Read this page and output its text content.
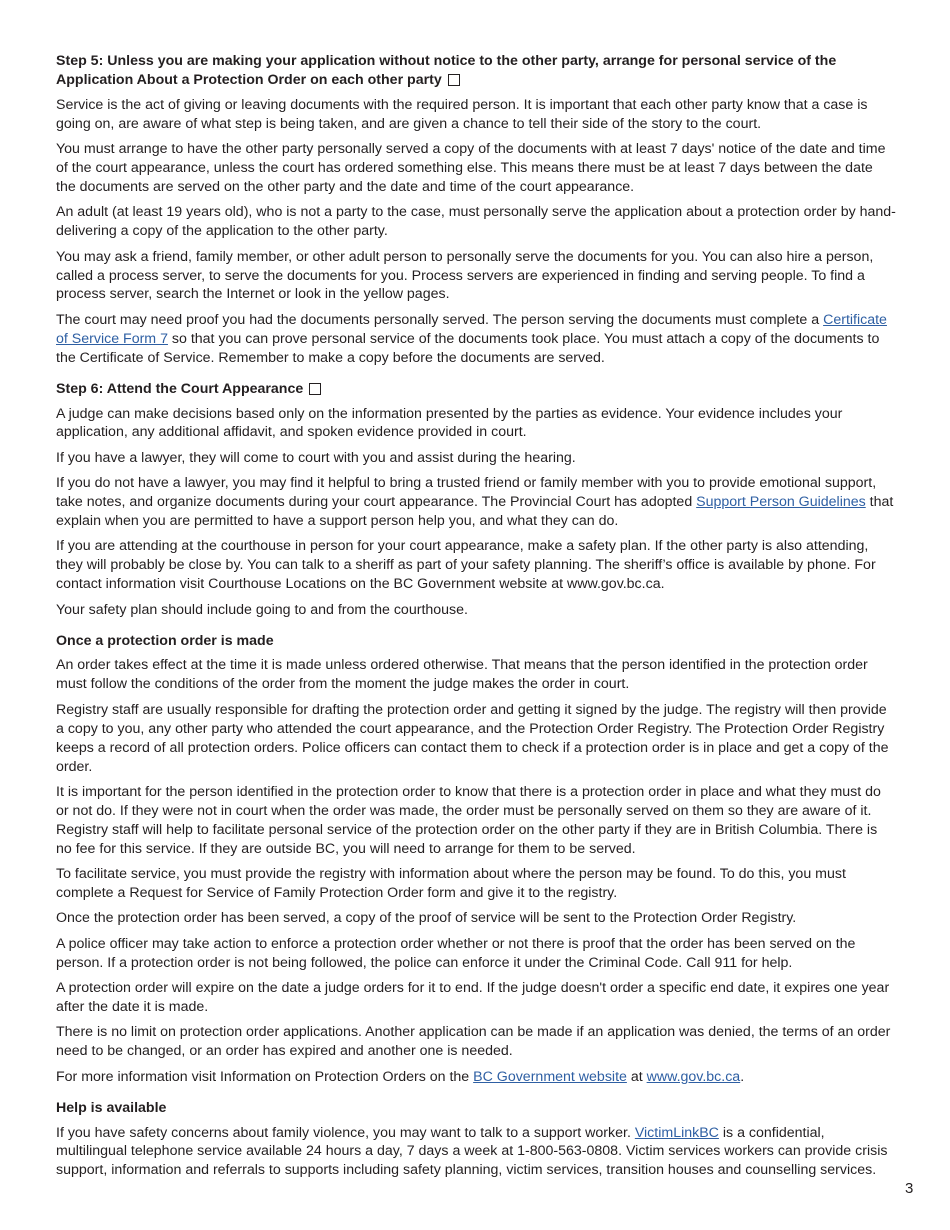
Step 5: Unless you are making your application without notice to the other party, arrange for personal service of the Application About a Protection Order on each other party

Service is the act of giving or leaving documents with the required person. It is important that each other party know that a case is going on, are aware of what step is being taken, and are given a chance to tell their side of the story to the court.

You must arrange to have the other party personally served a copy of the documents with at least 7 days' notice of the date and time of the court appearance, unless the court has ordered something else. This means there must be at least 7 days between the date the documents are served on the other party and the date and time of the court appearance.

An adult (at least 19 years old), who is not a party to the case, must personally serve the application about a protection order by hand-delivering a copy of the application to the other party.

You may ask a friend, family member, or other adult person to personally serve the documents for you. You can also hire a person, called a process server, to serve the documents for you. Process servers are experienced in finding and serving people. To find a process server, search the Internet or look in the yellow pages.

The court may need proof you had the documents personally served. The person serving the documents must complete a Certificate of Service Form 7 so that you can prove personal service of the documents took place. You must attach a copy of the documents to the Certificate of Service. Remember to make a copy before the documents are served.

Step 6: Attend the Court Appearance

A judge can make decisions based only on the information presented by the parties as evidence. Your evidence includes your application, any additional affidavit, and spoken evidence provided in court.

If you have a lawyer, they will come to court with you and assist during the hearing.

If you do not have a lawyer, you may find it helpful to bring a trusted friend or family member with you to provide emotional support, take notes, and organize documents during your court appearance. The Provincial Court has adopted Support Person Guidelines that explain when you are permitted to have a support person help you, and what they can do.

If you are attending at the courthouse in person for your court appearance, make a safety plan. If the other party is also attending, they will probably be close by. You can talk to a sheriff as part of your safety planning. The sheriff’s office is available by phone. For contact information visit Courthouse Locations on the BC Government website at www.gov.bc.ca.

Your safety plan should include going to and from the courthouse.

Once a protection order is made

An order takes effect at the time it is made unless ordered otherwise. That means that the person identified in the protection order must follow the conditions of the order from the moment the judge makes the order in court.

Registry staff are usually responsible for drafting the protection order and getting it signed by the judge. The registry will then provide a copy to you, any other party who attended the court appearance, and the Protection Order Registry. The Protection Order Registry keeps a record of all protection orders. Police officers can contact them to check if a protection order is in place and get a copy of the order.

It is important for the person identified in the protection order to know that there is a protection order in place and what they must do or not do. If they were not in court when the order was made, the order must be personally served on them so they are aware of it. Registry staff will help to facilitate personal service of the protection order on the other party if they are in British Columbia. There is no fee for this service. If they are outside BC, you will need to arrange for them to be served.

To facilitate service, you must provide the registry with information about where the person may be found. To do this, you must complete a Request for Service of Family Protection Order form and give it to the registry.

Once the protection order has been served, a copy of the proof of service will be sent to the Protection Order Registry.

A police officer may take action to enforce a protection order whether or not there is proof that the order has been served on the person. If a protection order is not being followed, the police can enforce it under the Criminal Code. Call 911 for help.

A protection order will expire on the date a judge orders for it to end. If the judge doesn't order a specific end date, it expires one year after the date it is made.

There is no limit on protection order applications. Another application can be made if an application was denied, the terms of an order need to be changed, or an order has expired and another one is needed.

For more information visit Information on Protection Orders on the BC Government website at www.gov.bc.ca.

Help is available

If you have safety concerns about family violence, you may want to talk to a support worker. VictimLinkBC is a confidential, multilingual telephone service available 24 hours a day, 7 days a week at 1-800-563-0808. Victim services workers can provide crisis support, information and referrals to supports including safety planning, victim services, transition houses and counselling services.

3
